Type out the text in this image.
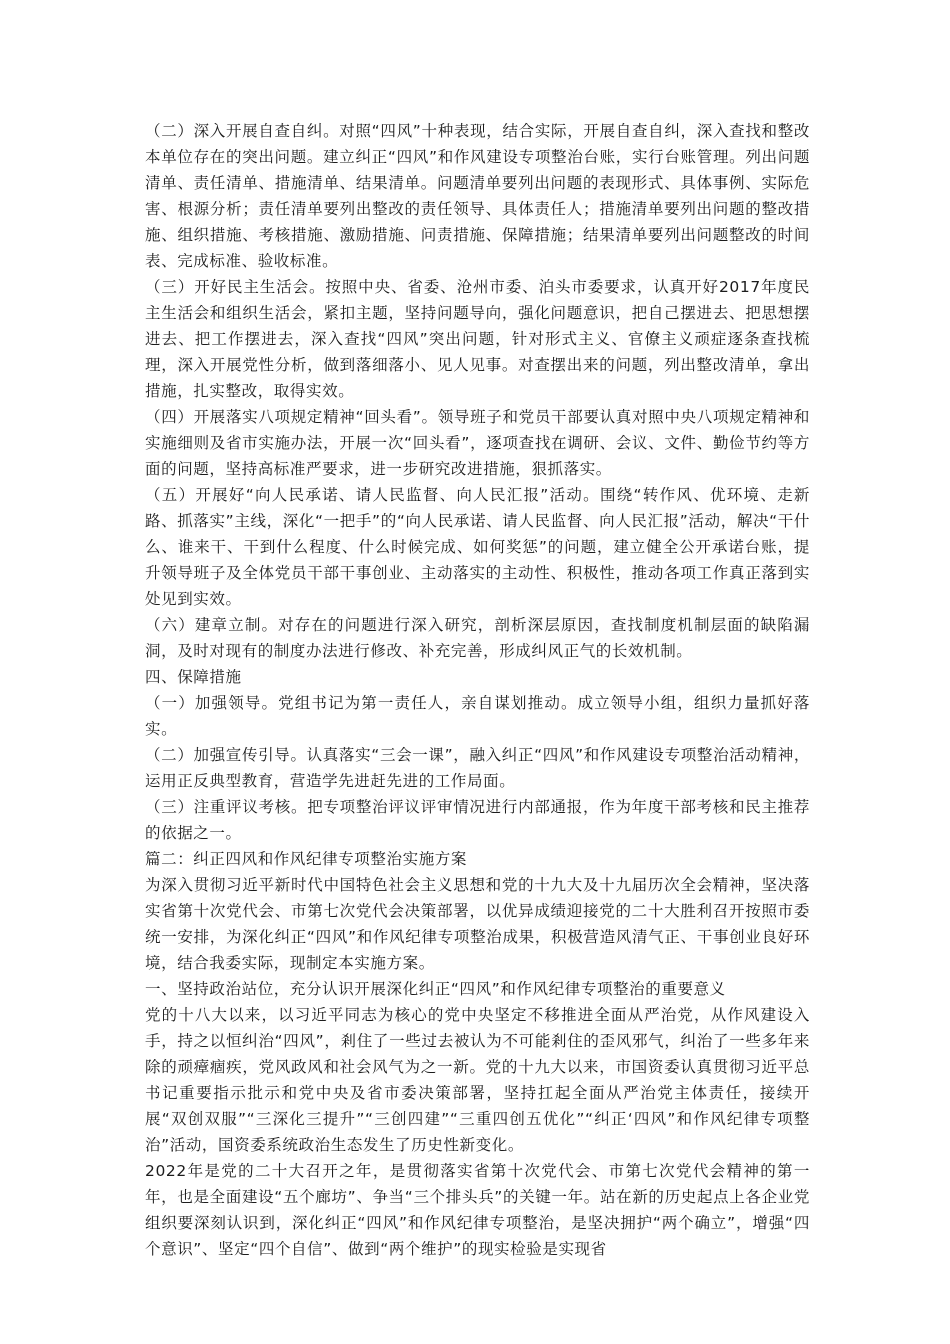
（二）深入开展自查自纠。对照“四风”十种表现，结合实际，开展自查自纠，深入查找和整改本单位存在的突出问题。建立纠正“四风”和作风建设专项整治台账，实行台账管理。列出问题清单、责任清单、措施清单、结果清单。问题清单要列出问题的表现形式、具体事例、实际危害、根源分析；责任清单要列出整改的责任领导、具体责任人；措施清单要列出问题的整改措施、组织措施、考核措施、激励措施、问责措施、保障措施；结果清单要列出问题整改的时间表、完成标准、验收标准。

（三）开好民主生活会。按照中央、省委、沧州市委、泊头市委要求，认真开好2017年度民主生活会和组织生活会，紧扣主题，坚持问题导向，强化问题意识，把自己摆进去、把思想摆进去、把工作摆进去，深入查找“四风”突出问题，针对形式主义、官僚主义顽症逐条查找梳理，深入开展党性分析，做到落细落小、见人见事。对查摆出来的问题，列出整改清单，拿出措施，扎实整改，取得实效。

（四）开展落实八项规定精神“回头看”。领导班子和党员干部要认真对照中央八项规定精神和实施细则及省市实施办法，开展一次“回头看”，逐项查找在调研、会议、文件、勤俭节约等方面的问题，坚持高标准严要求，进一步研究改进措施，狠抓落实。

（五）开展好“向人民承诺、请人民监督、向人民汇报”活动。围绕“转作风、优环境、走新路、抓落实”主线，深化“一把手”的“向人民承诺、请人民监督、向人民汇报”活动，解决“干什么、谁来干、干到什么程度、什么时候完成、如何奖惩”的问题，建立健全公开承诺台账，提升领导班子及全体党员干部干事创业、主动落实的主动性、积极性，推动各项工作真正落到实处见到实效。

（六）建章立制。对存在的问题进行深入研究，剖析深层原因，查找制度机制层面的缺陷漏洞，及时对现有的制度办法进行修改、补充完善，形成纠风正气的长效机制。

四、保障措施

（一）加强领导。党组书记为第一责任人，亲自谋划推动。成立领导小组，组织力量抓好落实。

（二）加强宣传引导。认真落实“三会一课”，融入纠正“四风”和作风建设专项整治活动精神，运用正反典型教育，营造学先进赶先进的工作局面。

（三）注重评议考核。把专项整治评议评审情况进行内部通报，作为年度干部考核和民主推荐的依据之一。

篇二：纠正四风和作风纪律专项整治实施方案

为深入贯彻习近平新时代中国特色社会主义思想和党的十九大及十九届历次全会精神，坚决落实省第十次党代会、市第七次党代会决策部署，以优异成绩迎接党的二十大胜利召开按照市委统一安排，为深化纠正“四风”和作风纪律专项整治成果，积极营造风清气正、干事创业良好环境，结合我委实际，现制定本实施方案。

一、坚持政治站位，充分认识开展深化纠正“四风”和作风纪律专项整治的重要意义

党的十八大以来，以习近平同志为核心的党中央坚定不移推进全面从严治党，从作风建设入手，持之以恒纠治“四风”，剎住了一些过去被认为不可能剎住的歪风邪气，纠治了一些多年来除的顽瘴痼疾，党风政风和社会风气为之一新。党的十九大以来，市国资委认真贯彻习近平总书记重要指示批示和党中央及省市委决策部署，坚持扛起全面从严治党主体责任，接续开展“双创双服”“三深化三提升”“三创四建”“三重四创五优化”“纠正‘四风”和作风纪律专项整治”活动，国资委系统政治生态发生了历史性新变化。

2022年是党的二十大召开之年，是贯彻落实省第十次党代会、市第七次党代会精神的第一年，也是全面建设“五个廊坊”、争当“三个排头兵”的关键一年。站在新的历史起点上各企业党组织要深刻认识到，深化纠正“四风”和作风纪律专项整治，是坚决拥护“两个确立”，增强“四个意识”、坚定“四个自信”、做到“两个维护”的现实检验是实现省
